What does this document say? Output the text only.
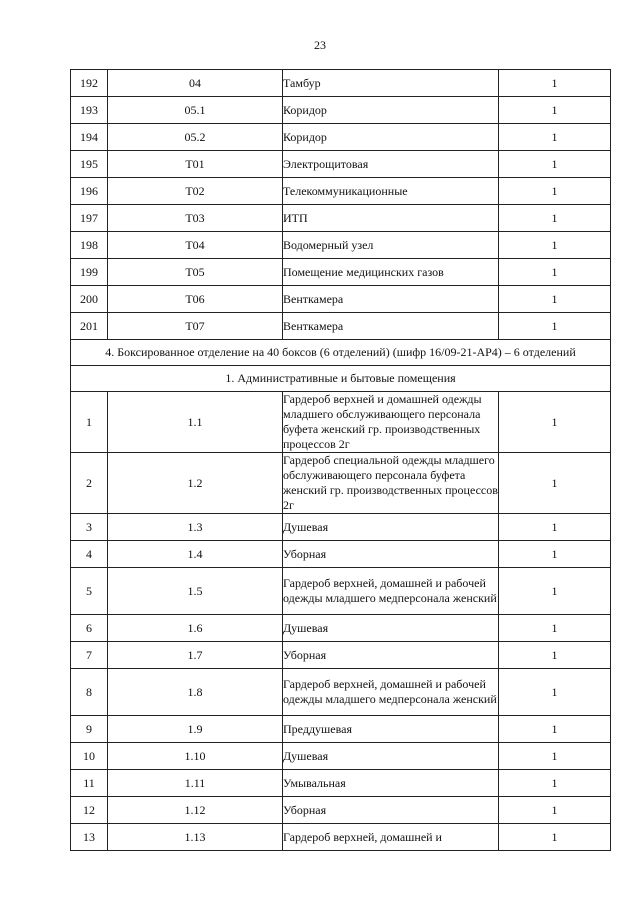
23
192	04	Тамбур	1
193	05.1	Коридор	1
194	05.2	Коридор	1
195	Т01	Электрощитовая	1
196	Т02	Телекоммуникационные	1
197	Т03	ИТП	1
198	Т04	Водомерный узел	1
199	Т05	Помещение медицинских газов	1
200	Т06	Венткамера	1
201	Т07	Венткамера	1
4. Боксированное отделение на 40 боксов (6 отделений) (шифр 16/09-21-АР4) – 6 отделений			
1. Административные и бытовые помещения			
1	1.1	Гардероб верхней и домашней одежды младшего обслуживающего персонала буфета женский гр. производственных процессов 2г	1
2	1.2	Гардероб специальной одежды младшего обслуживающего персонала буфета женский гр. производственных процессов 2г	1
3	1.3	Душевая	1
4	1.4	Уборная	1
5	1.5	Гардероб верхней, домашней и рабочей одежды младшего медперсонала женский	1
6	1.6	Душевая	1
7	1.7	Уборная	1
8	1.8	Гардероб верхней, домашней и рабочей одежды младшего медперсонала женский	1
9	1.9	Преддушевая	1
10	1.10	Душевая	1
11	1.11	Умывальная	1
12	1.12	Уборная	1
13	1.13	Гардероб верхней, домашней и	1
